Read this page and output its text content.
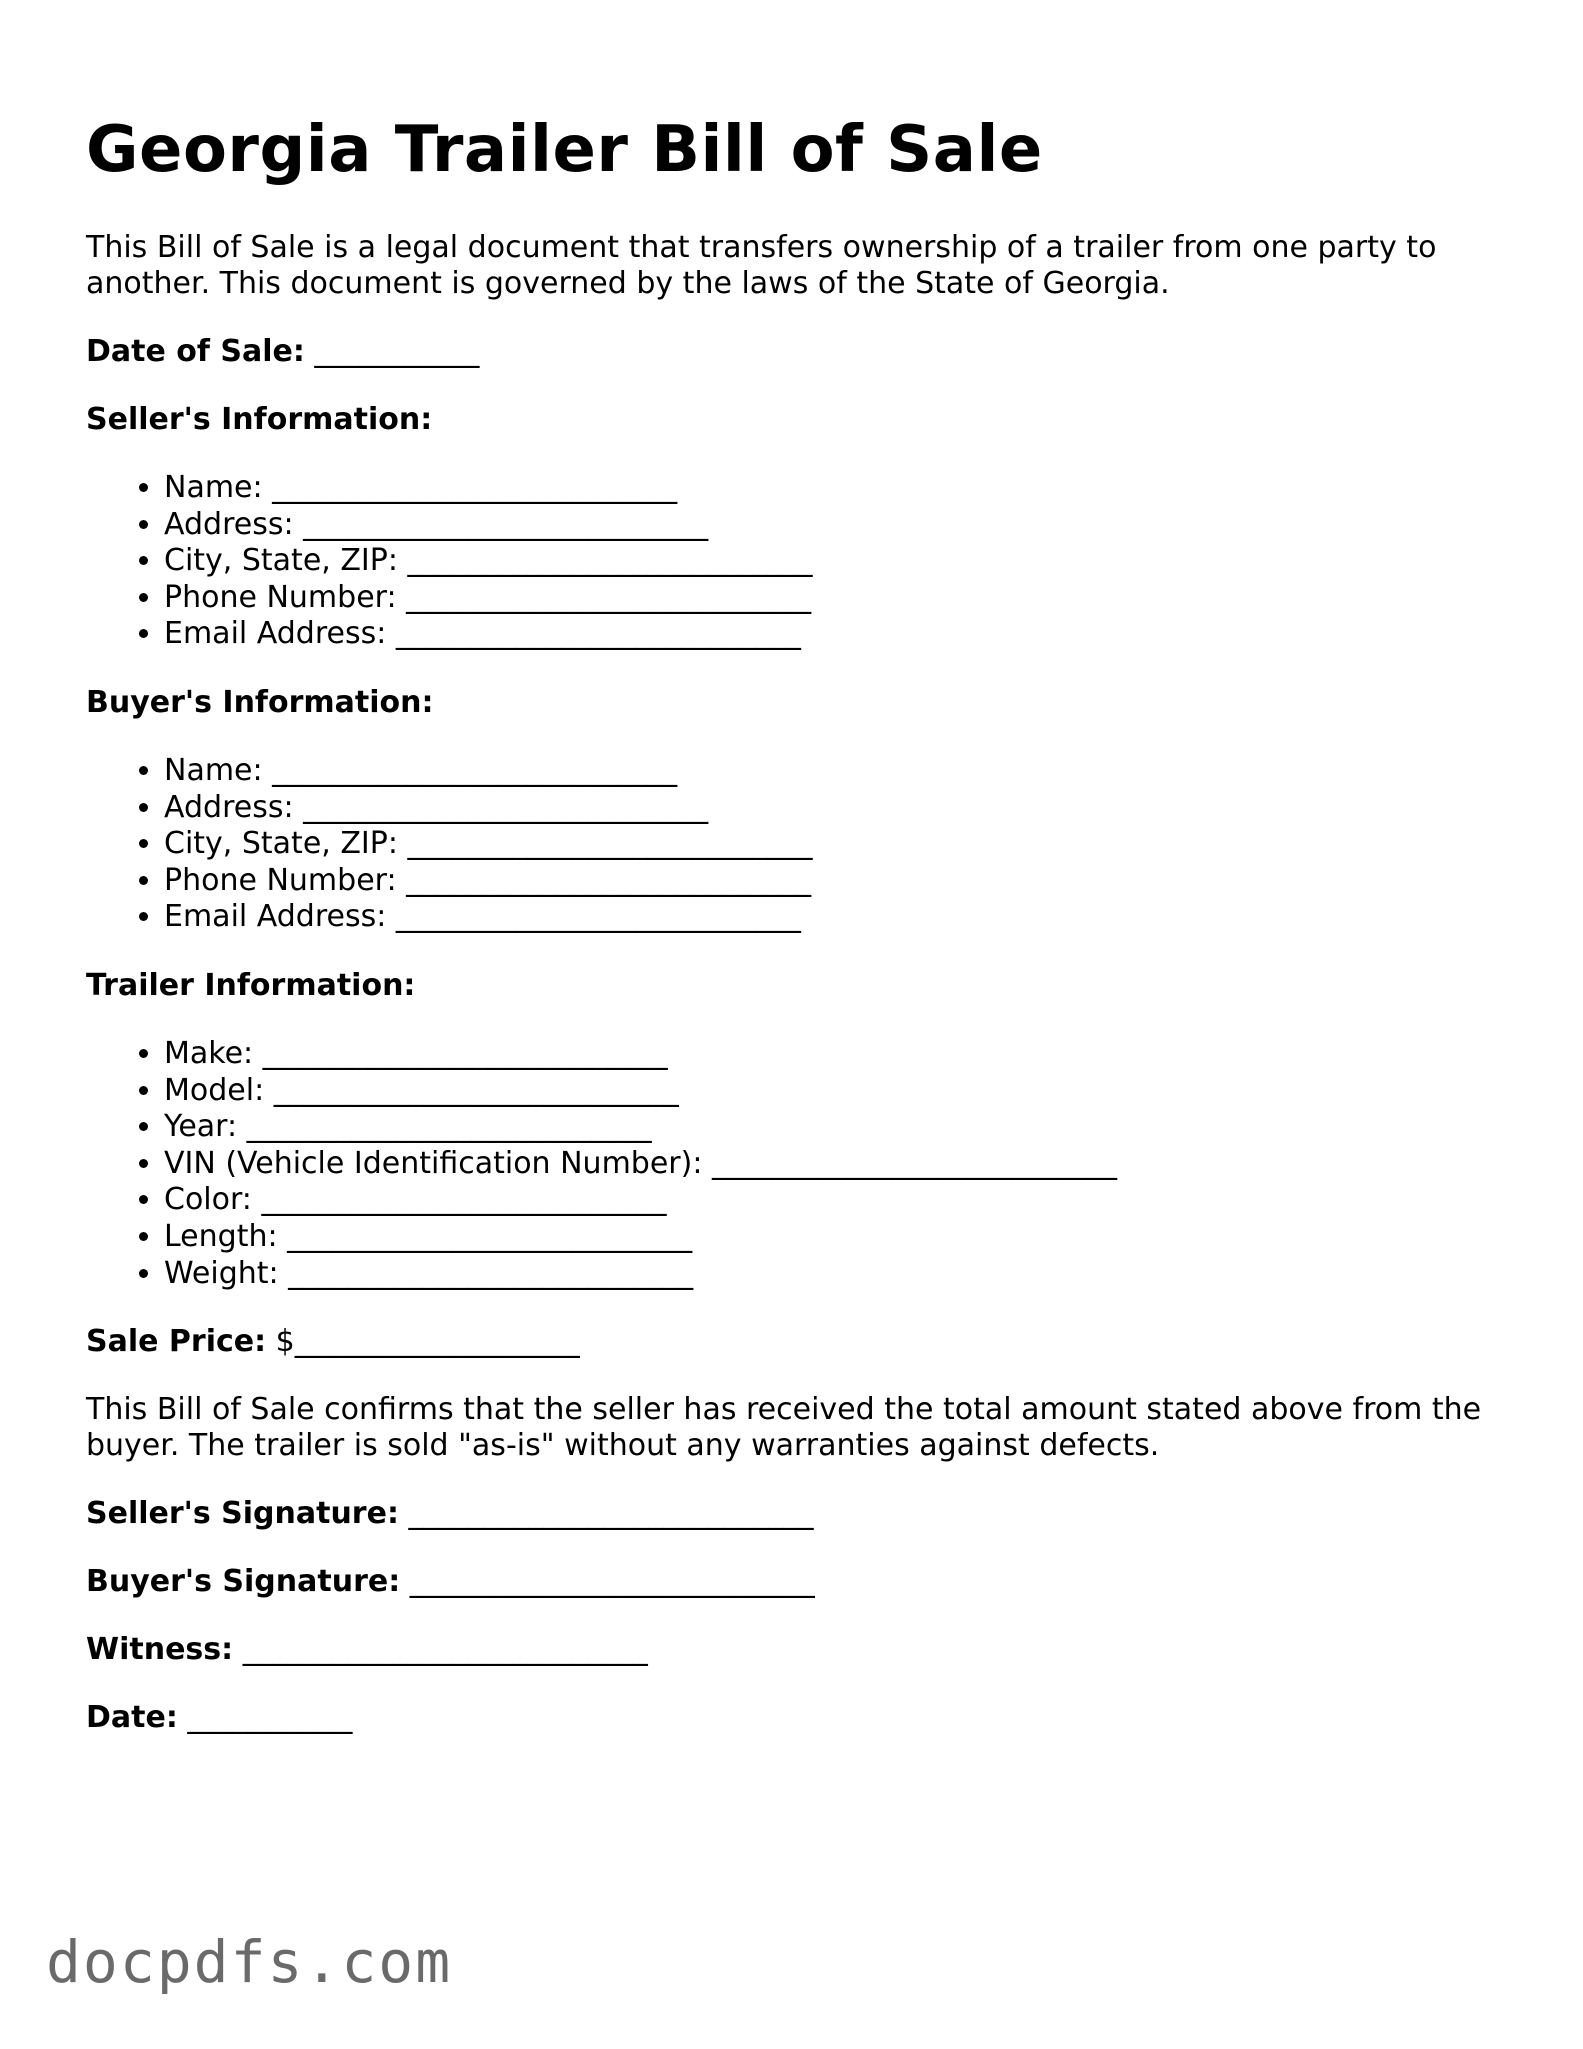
Georgia Trailer Bill of Sale

This Bill of Sale is a legal document that transfers ownership of a trailer from one party to another. This document is governed by the laws of the State of Georgia.

Date of Sale: ___________
Seller's Information:
• Name: ___________________________
• Address: ___________________________
• City, State, ZIP: ___________________________
• Phone Number: ___________________________
• Email Address: ___________________________
Buyer's Information:
• Name: ___________________________
• Address: ___________________________
• City, State, ZIP: ___________________________
• Phone Number: ___________________________
• Email Address: ___________________________
Trailer Information:
• Make: ___________________________
• Model: ___________________________
• Year: ___________________________
• VIN (Vehicle Identification Number): ___________________________
• Color: ___________________________
• Length: ___________________________
• Weight: ___________________________
Sale Price: $___________________

This Bill of Sale confirms that the seller has received the total amount stated above from the buyer. The trailer is sold "as-is" without any warranties against defects.

Seller's Signature: ___________________________
Buyer's Signature: ___________________________
Witness: ___________________________
Date: ___________
docpdfs.com
